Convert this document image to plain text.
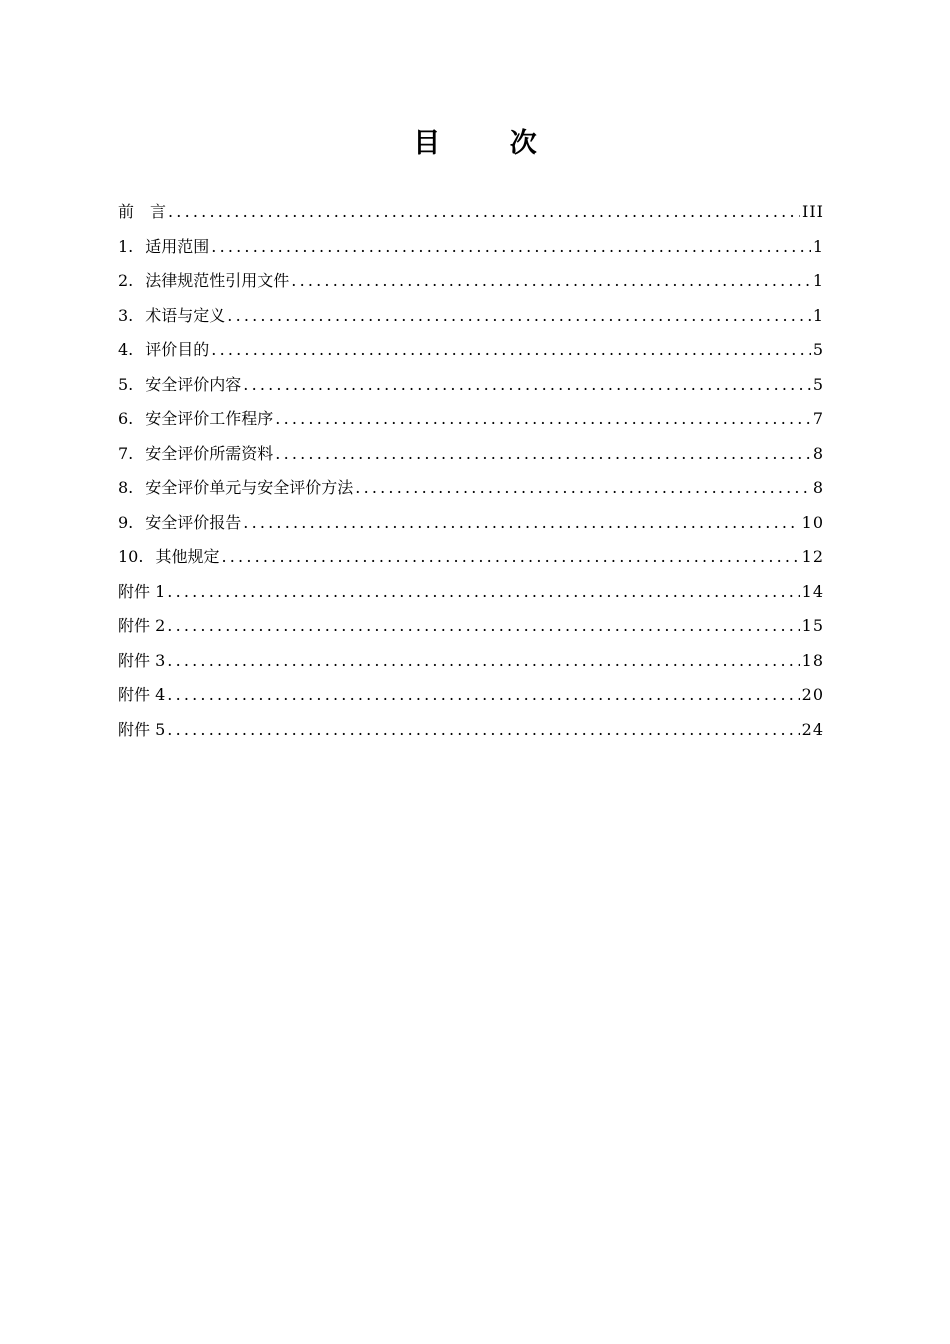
目 次
前　言 .....	III
1. 适用范围 .....	1
2. 法律规范性引用文件 .....	1
3. 术语与定义 .....	1
4. 评价目的 .....	5
5. 安全评价内容 .....	5
6. 安全评价工作程序 .....	7
7. 安全评价所需资料 .....	8
8. 安全评价单元与安全评价方法 .....	8
9. 安全评价报告 .....	10
10. 其他规定 .....	12
附件 1 .....	14
附件 2 .....	15
附件 3 .....	18
附件 4 .....	20
附件 5 .....	24
